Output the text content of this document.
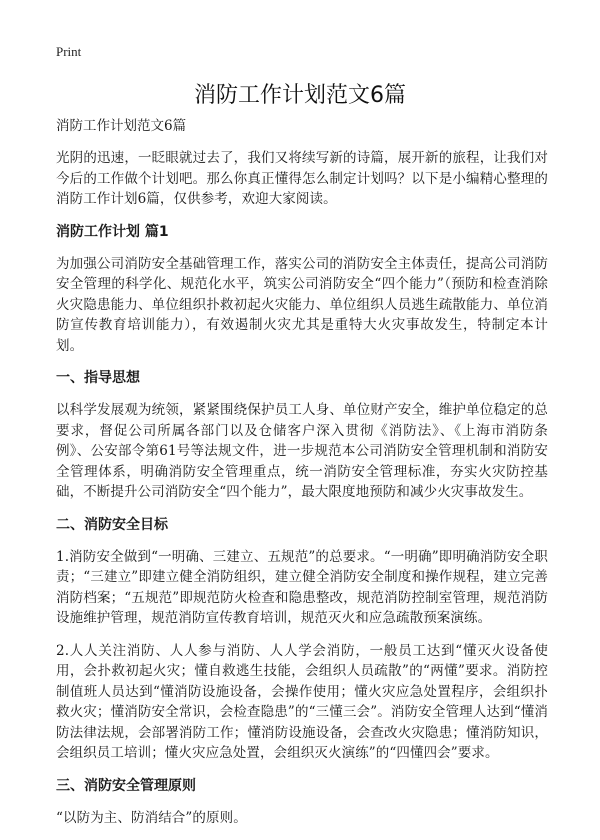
Print
消防工作计划范文6篇
消防工作计划范文6篇

光阴的迅速，一眨眼就过去了，我们又将续写新的诗篇，展开新的旅程，让我们对今后的工作做个计划吧。那么你真正懂得怎么制定计划吗？以下是小编精心整理的消防工作计划6篇，仅供参考，欢迎大家阅读。

消防工作计划 篇1

为加强公司消防安全基础管理工作，落实公司的消防安全主体责任，提高公司消防安全管理的科学化、规范化水平，筑实公司消防安全“四个能力”（预防和检查消除火灾隐患能力、单位组织扑救初起火灾能力、单位组织人员逃生疏散能力、单位消防宣传教育培训能力），有效遏制火灾尤其是重特大火灾事故发生，特制定本计划。

一、指导思想

以科学发展观为统领，紧紧围绕保护员工人身、单位财产安全，维护单位稳定的总要求，督促公司所属各部门以及仓储客户深入贯彻《消防法》、《上海市消防条例》、公安部令第61号等法规文件，进一步规范本公司消防安全管理机制和消防安全管理体系，明确消防安全管理重点，统一消防安全管理标准，夯实火灾防控基础，不断提升公司消防安全“四个能力”，最大限度地预防和减少火灾事故发生。

二、消防安全目标

1.消防安全做到“一明确、三建立、五规范”的总要求。“一明确”即明确消防安全职责；“三建立”即建立健全消防组织，建立健全消防安全制度和操作规程，建立完善消防档案；“五规范”即规范防火检查和隐患整改，规范消防控制室管理，规范消防设施维护管理，规范消防宣传教育培训，规范灭火和应急疏散预案演练。

2.人人关注消防、人人参与消防、人人学会消防，一般员工达到“懂灭火设备使用，会扑救初起火灾；懂自救逃生技能，会组织人员疏散”的“两懂”要求。消防控制值班人员达到“懂消防设施设备，会操作使用；懂火灾应急处置程序，会组织扑救火灾；懂消防安全常识，会检查隐患”的“三懂三会”。消防安全管理人达到“懂消防法律法规，会部署消防工作；懂消防设施设备，会查改火灾隐患；懂消防知识，会组织员工培训；懂火灾应急处置，会组织灭火演练”的“四懂四会”要求。

三、消防安全管理原则

“以防为主、防消结合”的原则。
